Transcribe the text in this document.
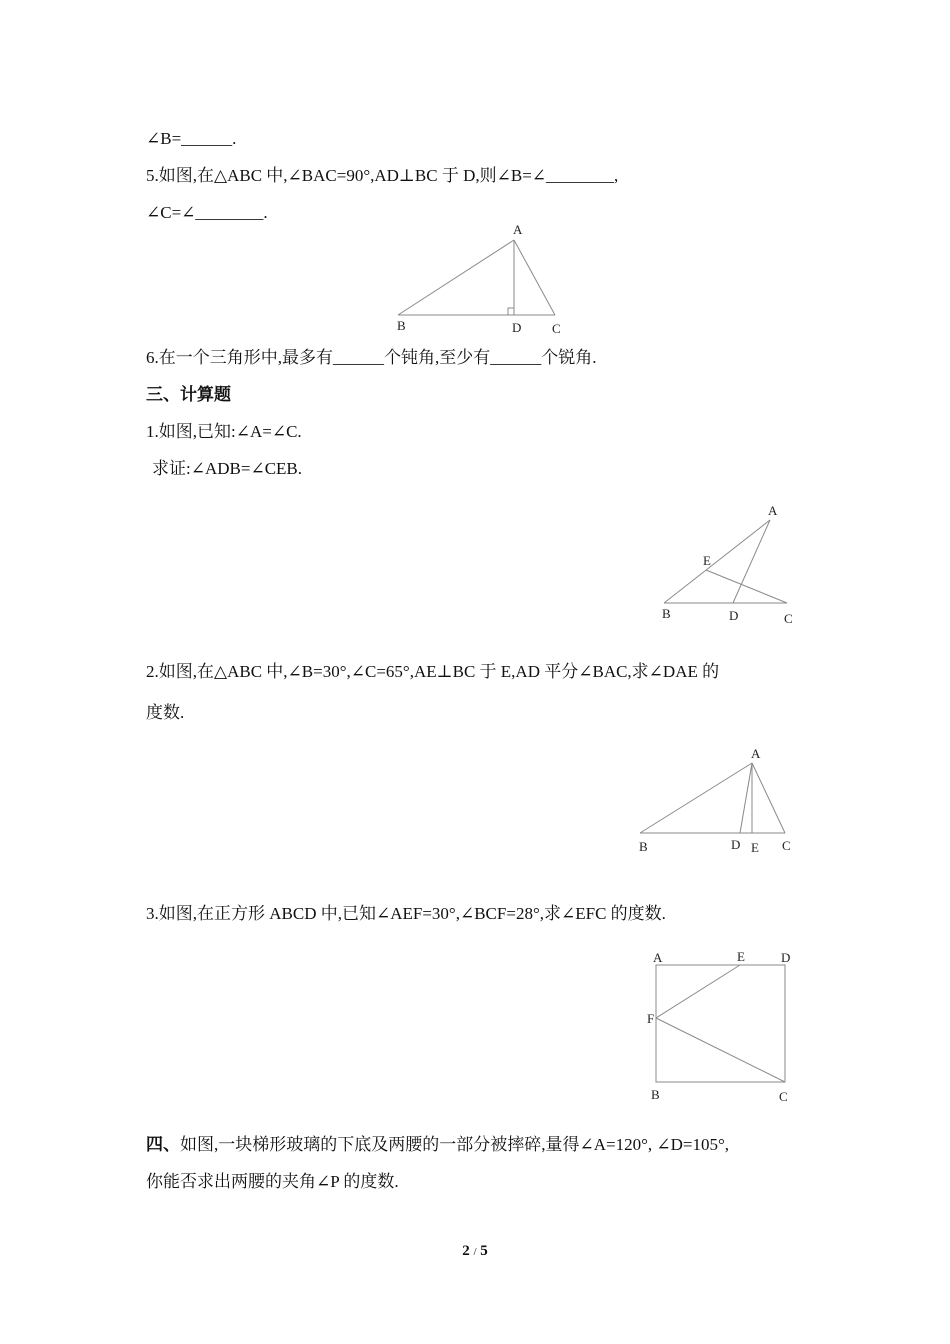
∠B=______.
5.如图,在△ABC 中,∠BAC=90°,AD⊥BC 于 D,则∠B=∠________,
∠C=∠________.
A
B	D C
6.在一个三角形中,最多有______个钝角,至少有______个锐角.
三、计算题
1.如图,已知:∠A=∠C.
求证:∠ADB=∠CEB.
A
E
B	D	C
2.如图,在△ABC 中,∠B=30°,∠C=65°,AE⊥BC 于 E,AD 平分∠BAC,求∠DAE 的
度数.
A
B	D E C
3.如图,在正方形 ABCD 中,已知∠AEF=30°,∠BCF=28°,求∠EFC 的度数.
A	E	D
F
B	C
四、如图,一块梯形玻璃的下底及两腰的一部分被摔碎,量得∠A=120°, ∠D=105°,
你能否求出两腰的夹角∠P 的度数.
2 / 5
